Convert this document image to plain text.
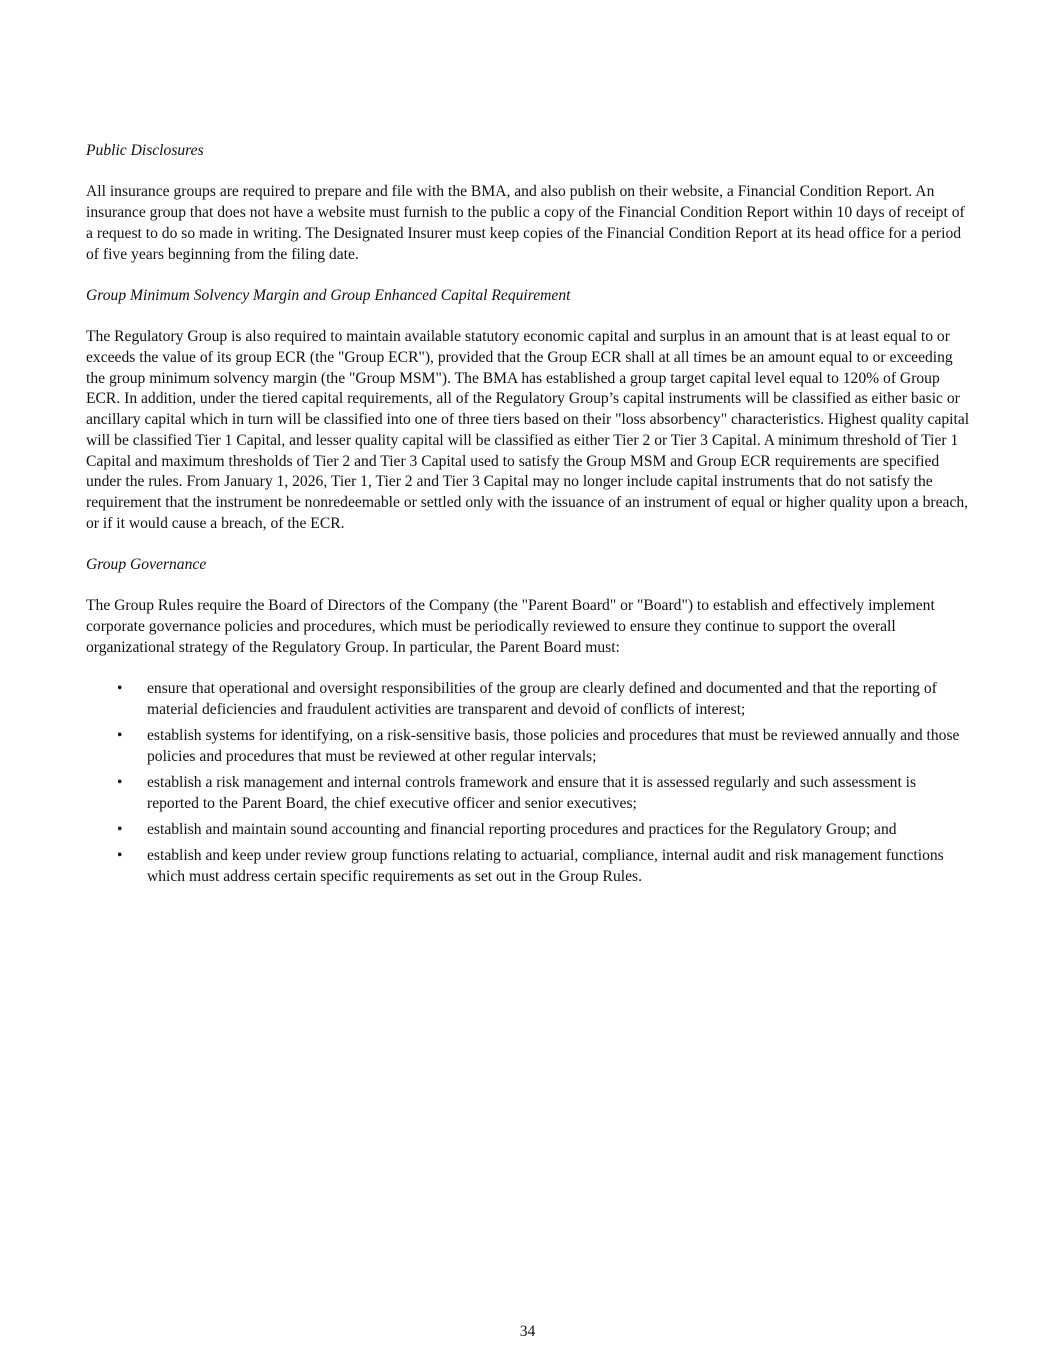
Public Disclosures
All insurance groups are required to prepare and file with the BMA, and also publish on their website, a Financial Condition Report. An insurance group that does not have a website must furnish to the public a copy of the Financial Condition Report within 10 days of receipt of a request to do so made in writing. The Designated Insurer must keep copies of the Financial Condition Report at its head office for a period of five years beginning from the filing date.
Group Minimum Solvency Margin and Group Enhanced Capital Requirement
The Regulatory Group is also required to maintain available statutory economic capital and surplus in an amount that is at least equal to or exceeds the value of its group ECR (the "Group ECR"), provided that the Group ECR shall at all times be an amount equal to or exceeding the group minimum solvency margin (the "Group MSM"). The BMA has established a group target capital level equal to 120% of Group ECR. In addition, under the tiered capital requirements, all of the Regulatory Group’s capital instruments will be classified as either basic or ancillary capital which in turn will be classified into one of three tiers based on their "loss absorbency" characteristics. Highest quality capital will be classified Tier 1 Capital, and lesser quality capital will be classified as either Tier 2 or Tier 3 Capital. A minimum threshold of Tier 1 Capital and maximum thresholds of Tier 2 and Tier 3 Capital used to satisfy the Group MSM and Group ECR requirements are specified under the rules. From January 1, 2026, Tier 1, Tier 2 and Tier 3 Capital may no longer include capital instruments that do not satisfy the requirement that the instrument be nonredeemable or settled only with the issuance of an instrument of equal or higher quality upon a breach, or if it would cause a breach, of the ECR.
Group Governance
The Group Rules require the Board of Directors of the Company (the "Parent Board" or "Board") to establish and effectively implement corporate governance policies and procedures, which must be periodically reviewed to ensure they continue to support the overall organizational strategy of the Regulatory Group. In particular, the Parent Board must:
• ensure that operational and oversight responsibilities of the group are clearly defined and documented and that the reporting of material deficiencies and fraudulent activities are transparent and devoid of conflicts of interest;
• establish systems for identifying, on a risk-sensitive basis, those policies and procedures that must be reviewed annually and those policies and procedures that must be reviewed at other regular intervals;
• establish a risk management and internal controls framework and ensure that it is assessed regularly and such assessment is reported to the Parent Board, the chief executive officer and senior executives;
• establish and maintain sound accounting and financial reporting procedures and practices for the Regulatory Group; and
• establish and keep under review group functions relating to actuarial, compliance, internal audit and risk management functions which must address certain specific requirements as set out in the Group Rules.
34
